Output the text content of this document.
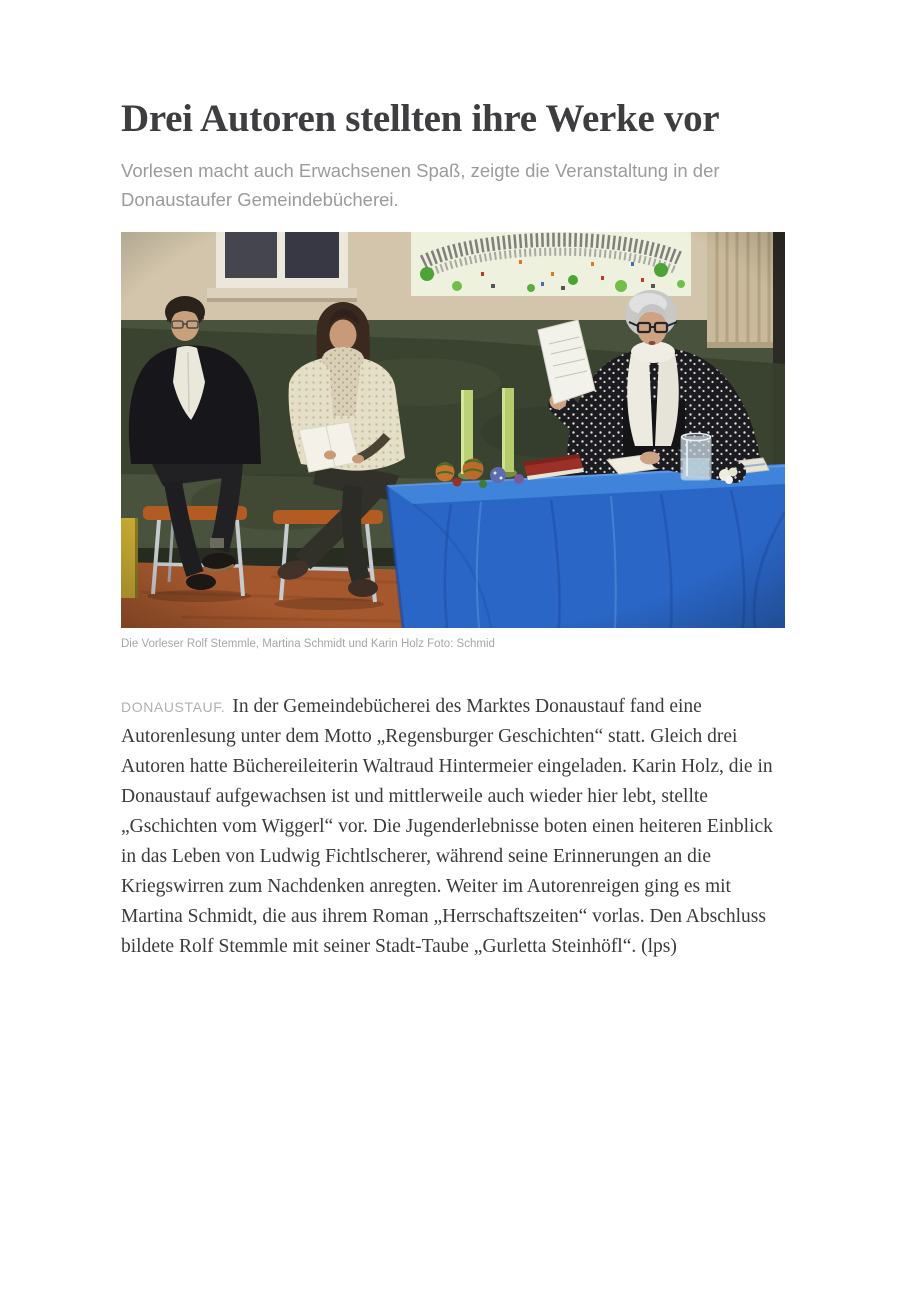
Drei Autoren stellten ihre Werke vor

Vorlesen macht auch Erwachsenen Spaß, zeigte die Veranstaltung in der Donaustaufer Gemeindebücherei.

Die Vorleser Rolf Stemmle, Martina Schmidt und Karin Holz Foto: Schmid

DONAUSTAUF. In der Gemeindebücherei des Marktes Donaustauf fand eine Autorenlesung unter dem Motto „Regensburger Geschichten“ statt. Gleich drei Autoren hatte Büchereileiterin Waltraud Hintermeier eingeladen. Karin Holz, die in Donaustauf aufgewachsen ist und mittlerweile auch wieder hier lebt, stellte „Gschichten vom Wiggerl“ vor. Die Jugenderlebnisse boten einen heiteren Einblick in das Leben von Ludwig Fichtlscherer, während seine Erinnerungen an die Kriegswirren zum Nachdenken anregten. Weiter im Autorenreigen ging es mit Martina Schmidt, die aus ihrem Roman „Herrschaftszeiten“ vorlas. Den Abschluss bildete Rolf Stemmle mit seiner Stadt-Taube „Gurletta Steinhöfl“. (lps)
